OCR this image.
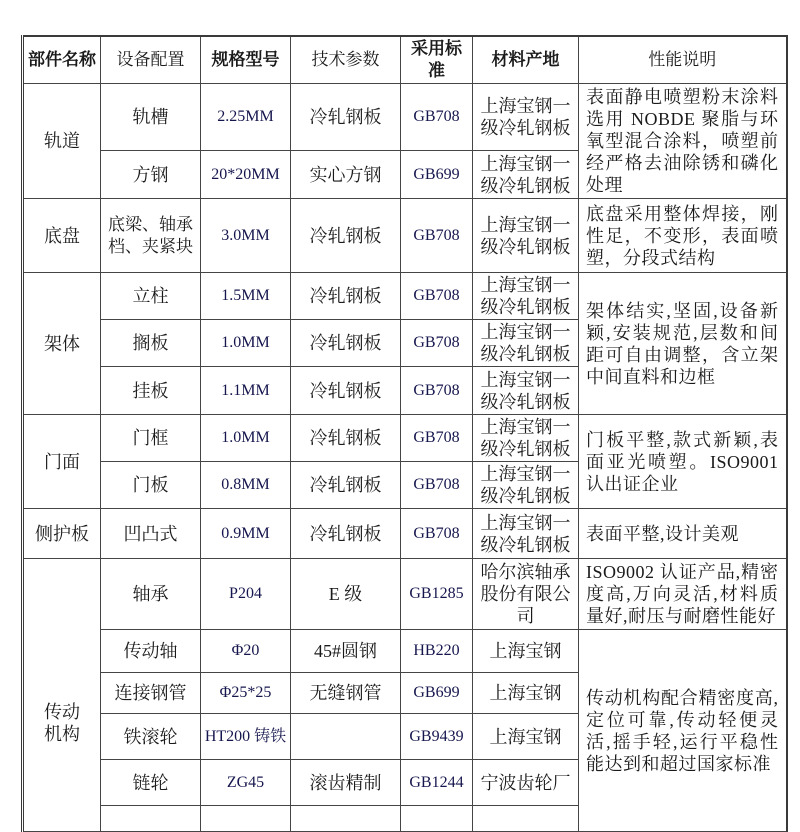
部件名称	设备配置	规格型号	技术参数	采用标准	材料产地	性能说明
轨道	轨槽	2.25MM	冷轧钢板	GB708	上海宝钢一级冷轧钢板	表面静电喷塑粉末涂料选用 NOBDE 聚脂与环氧型混合涂料，喷塑前经严格去油除锈和磷化处理
	方钢	20*20MM	实心方钢	GB699	上海宝钢一级冷轧钢板	
底盘	底梁、轴承档、夹紧块	3.0MM	冷轧钢板	GB708	上海宝钢一级冷轧钢板	底盘采用整体焊接，刚性足，不变形，表面喷塑，分段式结构
架体	立柱	1.5MM	冷轧钢板	GB708	上海宝钢一级冷轧钢板	架体结实,坚固,设备新颖,安装规范,层数和间距可自由调整，含立架中间直料和边框
	搁板	1.0MM	冷轧钢板	GB708	上海宝钢一级冷轧钢板	
	挂板	1.1MM	冷轧钢板	GB708	上海宝钢一级冷轧钢板	
门面	门框	1.0MM	冷轧钢板	GB708	上海宝钢一级冷轧钢板	门板平整,款式新颖,表面亚光喷塑。ISO9001 认出证企业
	门板	0.8MM	冷轧钢板	GB708	上海宝钢一级冷轧钢板	
侧护板	凹凸式	0.9MM	冷轧钢板	GB708	上海宝钢一级冷轧钢板	表面平整,设计美观
传动机构	轴承	P204	E 级	GB1285	哈尔滨轴承股份有限公司	ISO9002 认证产品,精密度高,万向灵活,材料质量好,耐压与耐磨性能好
	传动轴	Φ20	45#圆钢	HB220	上海宝钢	传动机构配合精密度高,定位可靠,传动轻便灵活,摇手轻,运行平稳性能达到和超过国家标准
	连接钢管	Φ25*25	无缝钢管	GB699	上海宝钢	
	铁滚轮	HT200 铸铁		GB9439	上海宝钢	
	链轮	ZG45	滚齿精制	GB1244	宁波齿轮厂	
